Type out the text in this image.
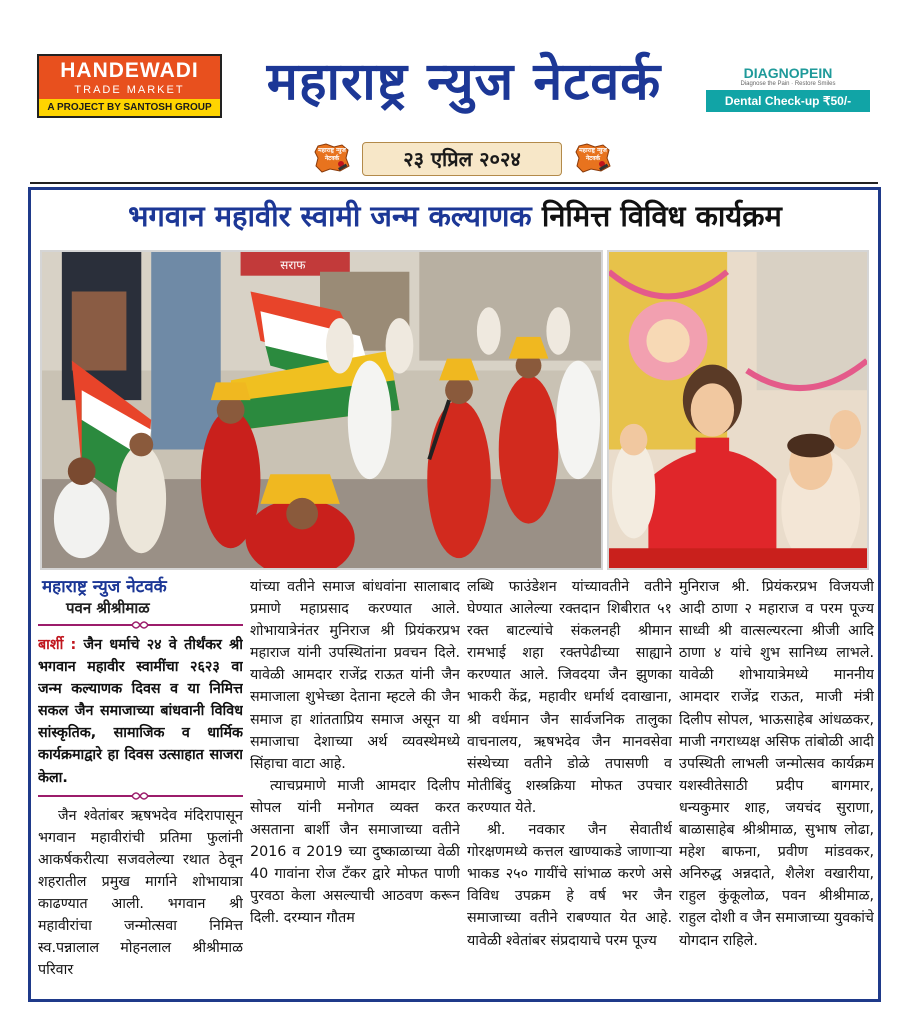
HANDEWADI
TRADE MARKET
A PROJECT BY SANTOSH GROUP	महाराष्ट्र न्युज नेटवर्क	DIAGNOPEIN
Diagnose the Pain · Restore Smiles
Dental Check-up ₹50/-
महाराष्ट्र न्युज नेटवर्क	२३ एप्रिल २०२४	महाराष्ट्र न्युज नेटवर्क
भगवान महावीर स्वामी जन्म कल्याणक निमित्त विविध कार्यक्रम
सराफ
महाराष्ट्र न्युज नेटवर्क
पवन श्रीश्रीमाळ

बार्शी : जैन धर्माचे २४ वे तीर्थंकर श्री भगवान महावीर स्वामींचा २६२३ वा जन्म कल्याणक दिवस व या निमित्त सकल जैन समाजाच्या बांधवानी विविध सांस्कृतिक, सामाजिक व धार्मिक कार्यक्रमाद्वारे हा दिवस उत्साहात साजरा केला.

जैन श्वेतांबर ऋषभदेव मंदिरापासून भगवान महावीरांची प्रतिमा फुलांनी आकर्षकरीत्या सजवलेल्या रथात ठेवून शहरातील प्रमुख मार्गाने शोभायात्रा काढण्यात आली. भगवान श्री महावीरांचा जन्मोत्सवा निमित्त स्व.पन्नालाल मोहनलाल श्रीश्रीमाळ परिवार

यांच्या वतीने समाज बांधवांना सालाबाद प्रमाणे महाप्रसाद करण्यात आले. शोभायात्रेनंतर मुनिराज श्री प्रियंकरप्रभ महाराज यांनी उपस्थितांना प्रवचन दिले. यावेळी आमदार राजेंद्र राऊत यांनी जैन समाजाला शुभेच्छा देताना म्हटले की जैन समाज हा शांतताप्रिय समाज असून या समाजाचा देशाच्या अर्थ व्यवस्थेमध्ये सिंहाचा वाटा आहे.

त्याचप्रमाणे माजी आमदार दिलीप सोपल यांनी मनोगत व्यक्त करत असताना बार्शी जैन समाजाच्या वतीने 2016 व 2019 च्या दुष्काळाच्या वेळी 40 गावांना रोज टँकर द्वारे मोफत पाणी पुरवठा केला असल्याची आठवण करून दिली. दरम्यान गौतम

लब्धि फाउंडेशन यांच्यावतीने वतीने घेण्यात आलेल्या रक्तदान शिबीरात ५१ रक्त बाटल्यांचे संकलनही श्रीमान रामभाई शहा रक्तपेढीच्या साह्याने करण्यात आले. जिवदया जैन झुणका भाकरी केंद्र, महावीर धर्मार्थ दवाखाना, श्री वर्धमान जैन सार्वजनिक तालुका वाचनालय, ऋषभदेव जैन मानवसेवा संस्थेच्या वतीने डोळे तपासणी व मोतीबिंदु शस्त्रक्रिया मोफत उपचार करण्यात येते.

श्री. नवकार जैन सेवातीर्थ गोरक्षणमध्ये कत्तल खाण्याकडे जाणाऱ्या भाकड २५० गायींचे सांभाळ करणे असे विविध उपक्रम हे वर्ष भर जैन समाजाच्या वतीने राबण्यात येत आहे. यावेळी श्वेतांबर संप्रदायाचे परम पूज्य

मुनिराज श्री. प्रियंकरप्रभ विजयजी आदी ठाणा २ महाराज व परम पूज्य साध्वी श्री वात्सल्यरत्ना श्रीजी आदि ठाणा ४ यांचे शुभ सानिध्य लाभले. यावेळी शोभायात्रेमध्ये माननीय आमदार राजेंद्र राऊत, माजी मंत्री दिलीप सोपल, भाऊसाहेब आंधळकर, माजी नगराध्यक्ष असिफ तांबोळी आदी उपस्थिती लाभली जन्मोत्सव कार्यक्रम यशस्वीतेसाठी प्रदीप बागमार, धन्यकुमार शाह, जयचंद सुराणा, बाळासाहेब श्रीश्रीमाळ, सुभाष लोढा, महेश बाफना, प्रवीण मांडवकर, अनिरुद्ध अन्नदाते, शैलेश वखारीया, राहुल कुंकूलोळ, पवन श्रीश्रीमाळ, राहुल दोशी व जैन समाजाच्या युवकांचे योगदान राहिले.
